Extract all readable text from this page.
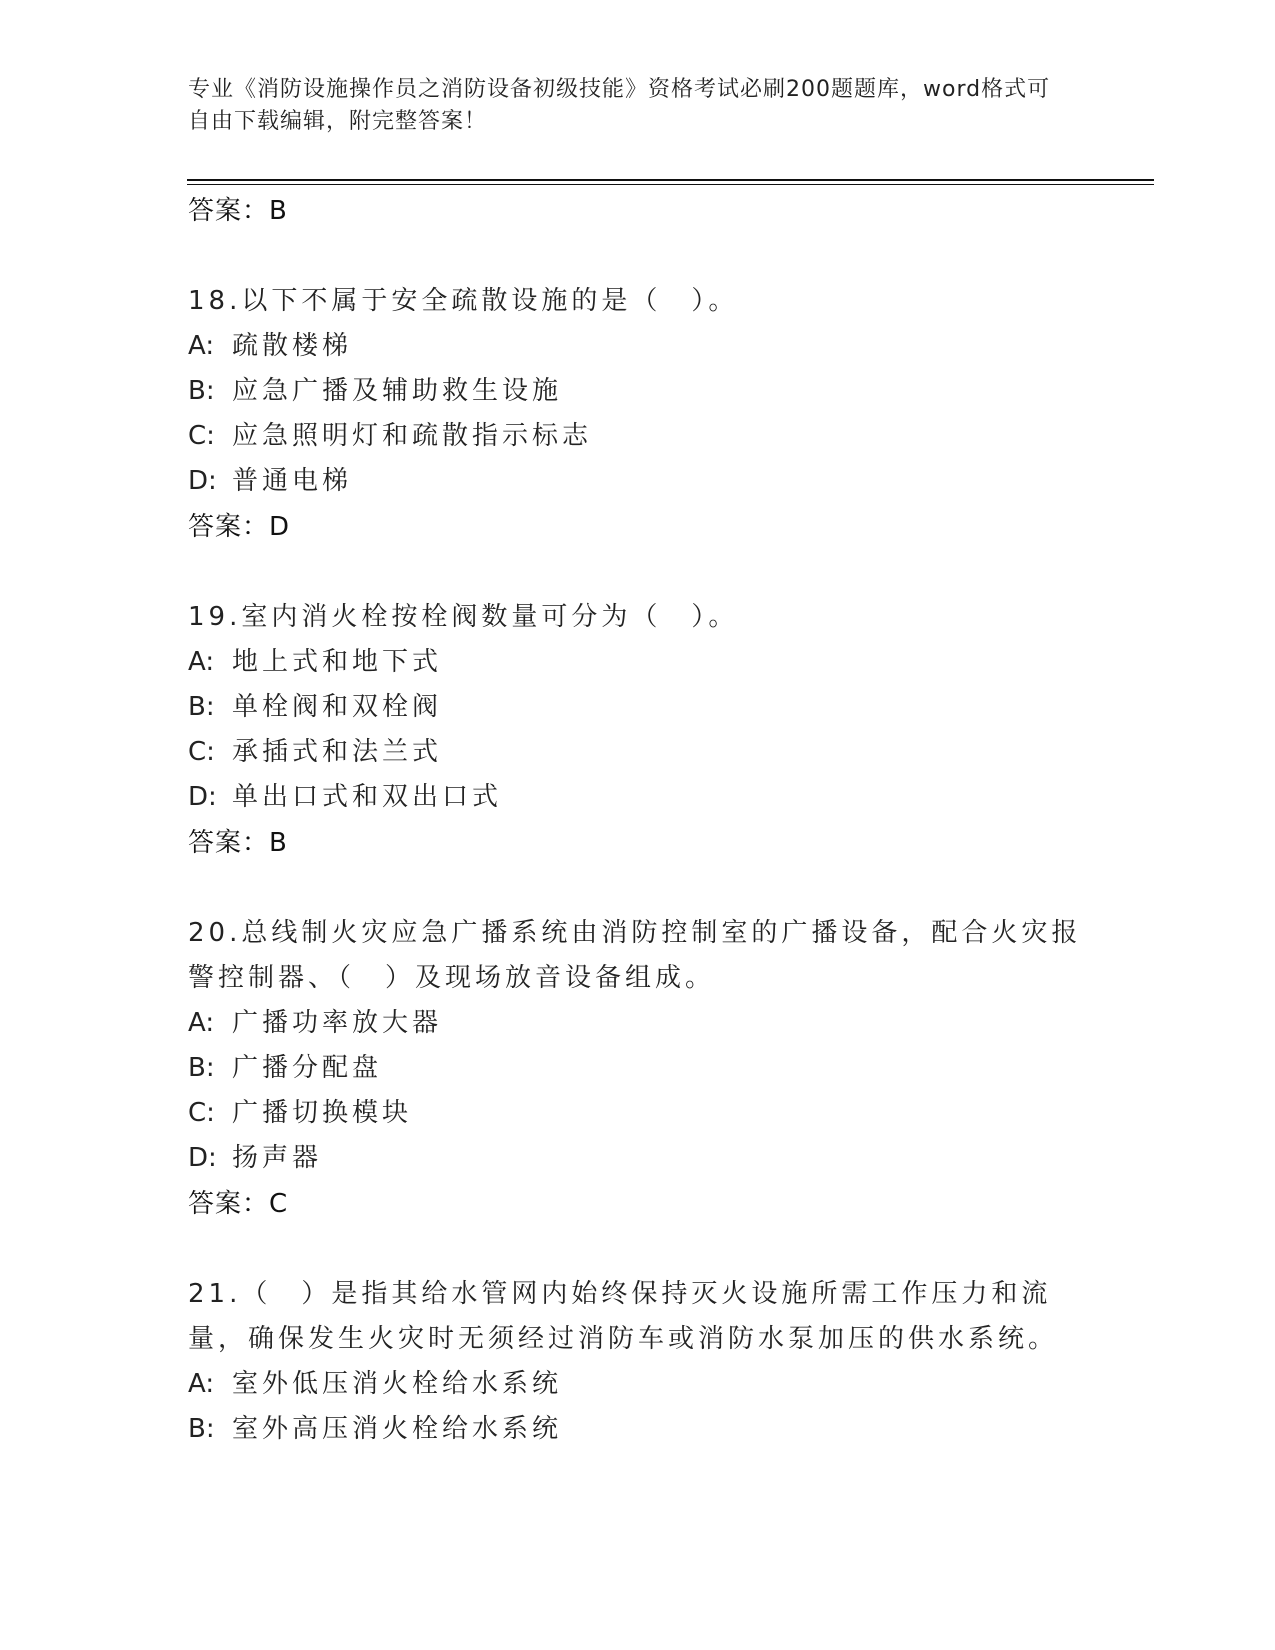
专业《消防设施操作员之消防设备初级技能》资格考试必刷200题题库，word格式可自由下载编辑，附完整答案！
答案：B
18.以下不属于安全疏散设施的是（　）。
A: 疏散楼梯
B: 应急广播及辅助救生设施
C: 应急照明灯和疏散指示标志
D: 普通电梯
答案：D
19.室内消火栓按栓阀数量可分为（　）。
A: 地上式和地下式
B: 单栓阀和双栓阀
C: 承插式和法兰式
D: 单出口式和双出口式
答案：B
20.总线制火灾应急广播系统由消防控制室的广播设备，配合火灾报警控制器、（　）及现场放音设备组成。
A: 广播功率放大器
B: 广播分配盘
C: 广播切换模块
D: 扬声器
答案：C
21.（　）是指其给水管网内始终保持灭火设施所需工作压力和流量，确保发生火灾时无须经过消防车或消防水泵加压的供水系统。
A: 室外低压消火栓给水系统
B: 室外高压消火栓给水系统
